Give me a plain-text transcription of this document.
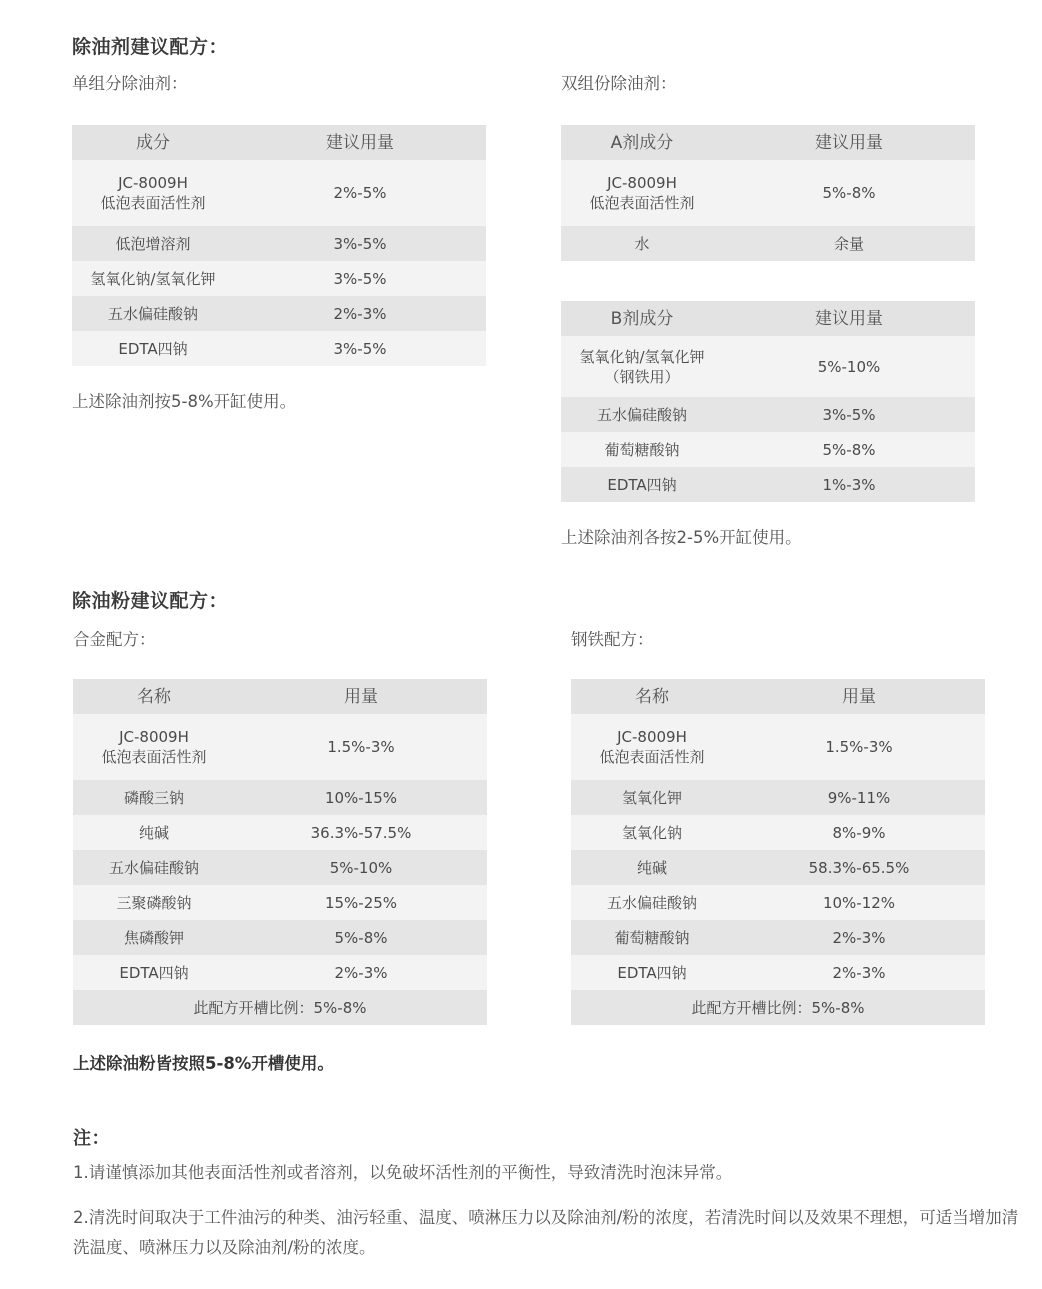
除油剂建议配方：
单组分除油剂：	双组份除油剂：
成分	建议用量
JC-8009H
低泡表面活性剂	2%-5%
低泡增溶剂	3%-5%
氢氧化钠/氢氧化钾	3%-5%
五水偏硅酸钠	2%-3%
EDTA四钠	3%-5%
上述除油剂按5-8%开缸使用。
A剂成分	建议用量
JC-8009H
低泡表面活性剂	5%-8%
水	余量
B剂成分	建议用量
氢氧化钠/氢氧化钾
（钢铁用）	5%-10%
五水偏硅酸钠	3%-5%
葡萄糖酸钠	5%-8%
EDTA四钠	1%-3%
上述除油剂各按2-5%开缸使用。
除油粉建议配方：
合金配方：	钢铁配方：
名称	用量
JC-8009H
低泡表面活性剂	1.5%-3%
磷酸三钠	10%-15%
纯碱	36.3%-57.5%
五水偏硅酸钠	5%-10%
三聚磷酸钠	15%-25%
焦磷酸钾	5%-8%
EDTA四钠	2%-3%
此配方开槽比例：5%-8%	
名称	用量
JC-8009H
低泡表面活性剂	1.5%-3%
氢氧化钾	9%-11%
氢氧化钠	8%-9%
纯碱	58.3%-65.5%
五水偏硅酸钠	10%-12%
葡萄糖酸钠	2%-3%
EDTA四钠	2%-3%
此配方开槽比例：5%-8%	
上述除油粉皆按照5-8%开槽使用。
注：
1.请谨慎添加其他表面活性剂或者溶剂，以免破坏活性剂的平衡性，导致清洗时泡沫异常。
2.清洗时间取决于工件油污的种类、油污轻重、温度、喷淋压力以及除油剂/粉的浓度，若清洗时间以及效果不理想，可适当增加清洗温度、喷淋压力以及除油剂/粉的浓度。
